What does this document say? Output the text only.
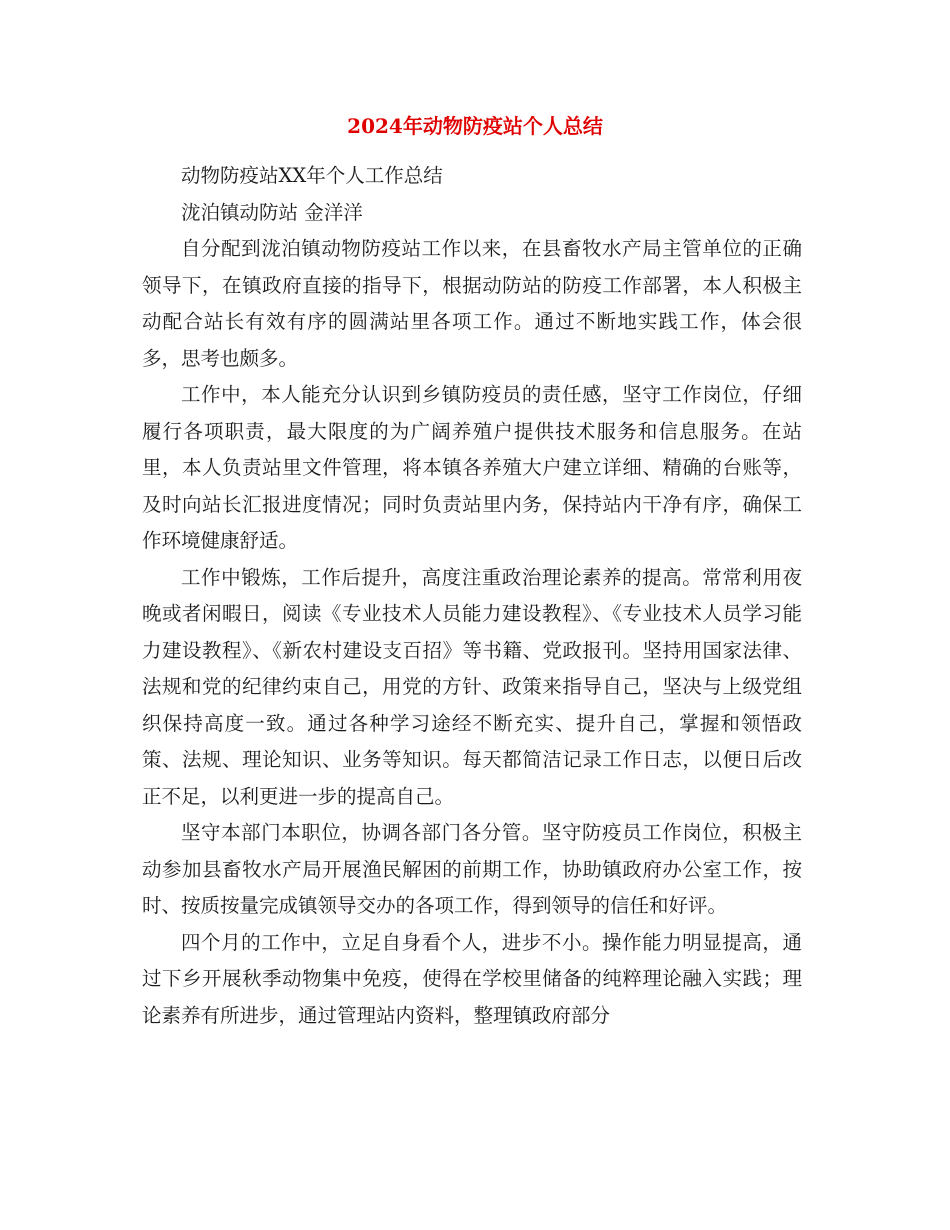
2024年动物防疫站个人总结

动物防疫站XX年个人工作总结

泷泊镇动防站 金洋洋

自分配到泷泊镇动物防疫站工作以来，在县畜牧水产局主管单位的正确领导下，在镇政府直接的指导下，根据动防站的防疫工作部署，本人积极主动配合站长有效有序的圆满站里各项工作。通过不断地实践工作，体会很多，思考也颇多。

工作中，本人能充分认识到乡镇防疫员的责任感，坚守工作岗位，仔细履行各项职责，最大限度的为广阔养殖户提供技术服务和信息服务。在站里，本人负责站里文件管理，将本镇各养殖大户建立详细、精确的台账等，及时向站长汇报进度情况；同时负责站里内务，保持站内干净有序，确保工作环境健康舒适。

工作中锻炼，工作后提升，高度注重政治理论素养的提高。常常利用夜晚或者闲暇日，阅读《专业技术人员能力建设教程》、《专业技术人员学习能力建设教程》、《新农村建设支百招》等书籍、党政报刊。坚持用国家法律、法规和党的纪律约束自己，用党的方针、政策来指导自己，坚决与上级党组织保持高度一致。通过各种学习途经不断充实、提升自己，掌握和领悟政策、法规、理论知识、业务等知识。每天都简洁记录工作日志，以便日后改正不足，以利更进一步的提高自己。

坚守本部门本职位，协调各部门各分管。坚守防疫员工作岗位，积极主动参加县畜牧水产局开展渔民解困的前期工作，协助镇政府办公室工作，按时、按质按量完成镇领导交办的各项工作，得到领导的信任和好评。

四个月的工作中，立足自身看个人，进步不小。操作能力明显提高，通过下乡开展秋季动物集中免疫，使得在学校里储备的纯粹理论融入实践；理论素养有所进步，通过管理站内资料，整理镇政府部分
